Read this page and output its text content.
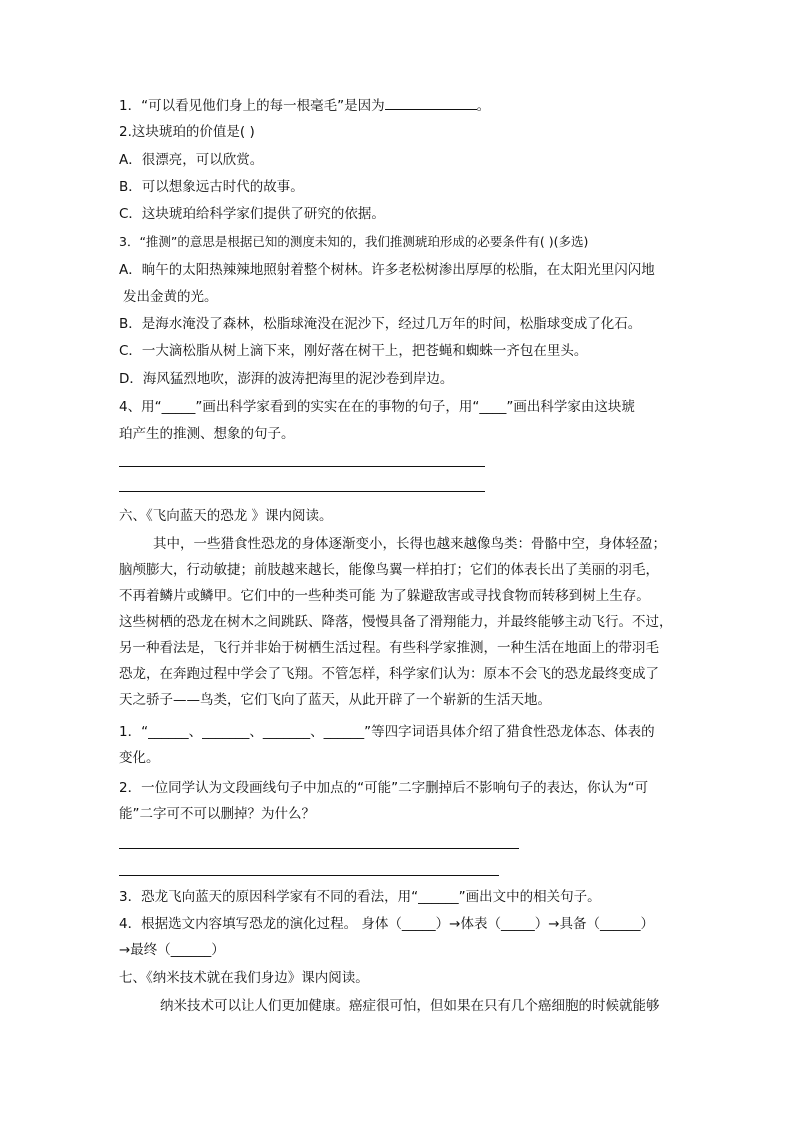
1．“可以看见他们身上的每一根毫毛”是因为	。
2.这块琥珀的价值是( )
A．很漂亮，可以欣赏。
B．可以想象远古时代的故事。
C．这块琥珀给科学家们提供了研究的依据。
3．“推测”的意思是根据已知的测度未知的，我们推测琥珀形成的必要条件有( )(多选)
A．晌午的太阳热辣辣地照射着整个树林。许多老松树渗出厚厚的松脂，在太阳光里闪闪地
发出金黄的光。
B．是海水淹没了森林，松脂球淹没在泥沙下，经过几万年的时间，松脂球变成了化石。
C．一大滴松脂从树上滴下来，刚好落在树干上，把苍蝇和蜘蛛一齐包在里头。
D．海风猛烈地吹，澎湃的波涛把海里的泥沙卷到岸边。
4、用“_____”画出科学家看到的实实在在的事物的句子，用“____”画出科学家由这块琥
珀产生的推测、想象的句子。
六、《飞向蓝天的恐龙 》课内阅读。
其中，一些猎食性恐龙的身体逐渐变小，长得也越来越像鸟类：骨骼中空，身体轻盈；
脑颅膨大，行动敏捷；前肢越来越长，能像鸟翼一样拍打；它们的体表长出了美丽的羽毛，
不再着鳞片或鳞甲。它们中的一些种类可能 为了躲避敌害或寻找食物而转移到树上生存。
这些树栖的恐龙在树木之间跳跃、降落，慢慢具备了滑翔能力，并最终能够主动飞行。不过，
另一种看法是，飞行并非始于树栖生活过程。有些科学家推测，一种生活在地面上的带羽毛
恐龙，在奔跑过程中学会了飞翔。不管怎样，科学家们认为：原本不会飞的恐龙最终变成了
天之骄子——鸟类，它们飞向了蓝天，从此开辟了一个崭新的生活天地。
1．“______、_______、_______、______”等四字词语具体介绍了猎食性恐龙体态、体表的
变化。
2．一位同学认为文段画线句子中加点的“可能”二字删掉后不影响句子的表达，你认为“可
能”二字可不可以删掉？为什么？
3．恐龙飞向蓝天的原因科学家有不同的看法，用“______”画出文中的相关句子。
4．根据选文内容填写恐龙的演化过程。 身体（_____）→体表（_____）→具备（______）
→最终（______）
七、《纳米技术就在我们身边》课内阅读。
纳米技术可以让人们更加健康。癌症很可怕，但如果在只有几个癌细胞的时候就能够
